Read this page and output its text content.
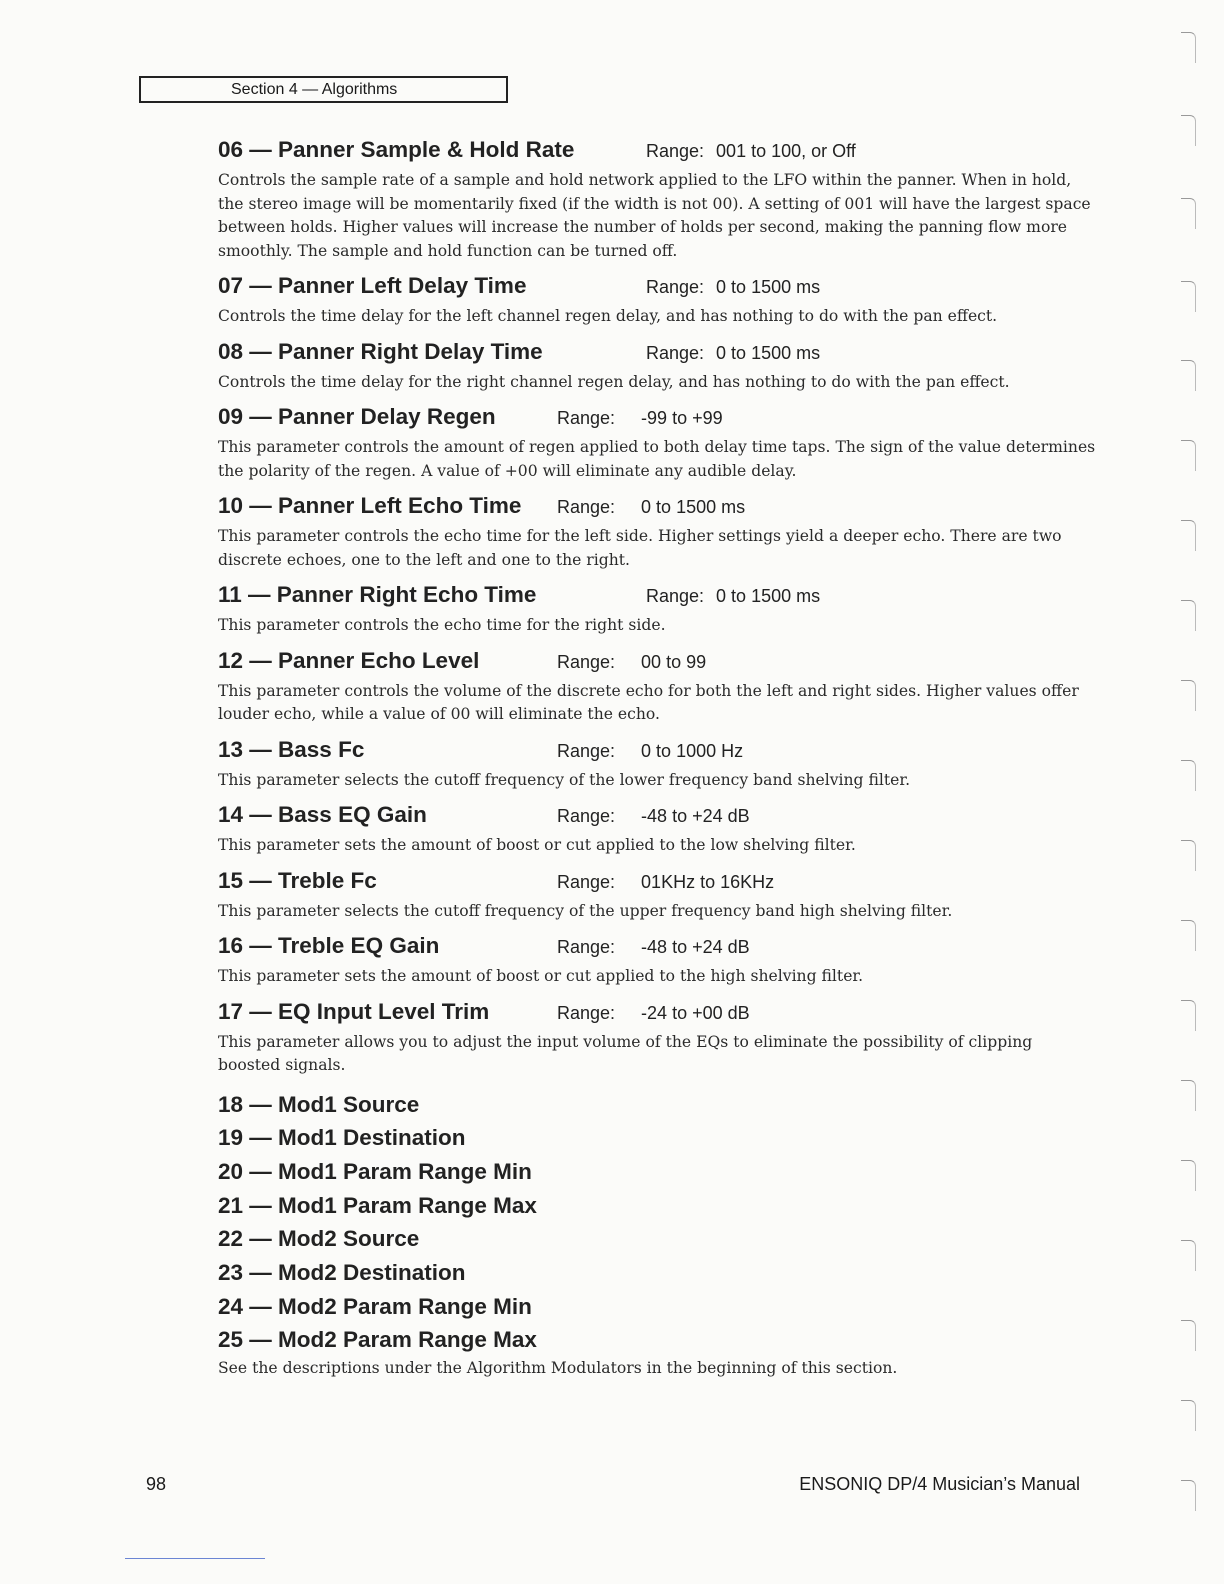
Section 4 — Algorithms
06 — Panner Sample & Hold Rate	Range: 001 to 100, or Off

Controls the sample rate of a sample and hold network applied to the LFO within the panner. When in hold, the stereo image will be momentarily fixed (if the width is not 00). A setting of 001 will have the largest space between holds. Higher values will increase the number of holds per second, making the panning flow more smoothly. The sample and hold function can be turned off.

07 — Panner Left Delay Time	Range: 0 to 1500 ms

Controls the time delay for the left channel regen delay, and has nothing to do with the pan effect.

08 — Panner Right Delay Time	Range: 0 to 1500 ms

Controls the time delay for the right channel regen delay, and has nothing to do with the pan effect.

09 — Panner Delay Regen	Range: -99 to +99

This parameter controls the amount of regen applied to both delay time taps. The sign of the value determines the polarity of the regen. A value of +00 will eliminate any audible delay.

10 — Panner Left Echo Time	Range: 0 to 1500 ms

This parameter controls the echo time for the left side. Higher settings yield a deeper echo. There are two discrete echoes, one to the left and one to the right.

11 — Panner Right Echo Time	Range: 0 to 1500 ms

This parameter controls the echo time for the right side.

12 — Panner Echo Level	Range: 00 to 99

This parameter controls the volume of the discrete echo for both the left and right sides. Higher values offer louder echo, while a value of 00 will eliminate the echo.

13 — Bass Fc	Range: 0 to 1000 Hz

This parameter selects the cutoff frequency of the lower frequency band shelving filter.

14 — Bass EQ Gain	Range: -48 to +24 dB

This parameter sets the amount of boost or cut applied to the low shelving filter.

15 — Treble Fc	Range: 01KHz to 16KHz

This parameter selects the cutoff frequency of the upper frequency band high shelving filter.

16 — Treble EQ Gain	Range: -48 to +24 dB

This parameter sets the amount of boost or cut applied to the high shelving filter.

17 — EQ Input Level Trim	Range: -24 to +00 dB

This parameter allows you to adjust the input volume of the EQs to eliminate the possibility of clipping boosted signals.

18 — Mod1 Source
19 — Mod1 Destination
20 — Mod1 Param Range Min
21 — Mod1 Param Range Max
22 — Mod2 Source
23 — Mod2 Destination
24 — Mod2 Param Range Min
25 — Mod2 Param Range Max

See the descriptions under the Algorithm Modulators in the beginning of this section.

98	ENSONIQ DP/4 Musician’s Manual
